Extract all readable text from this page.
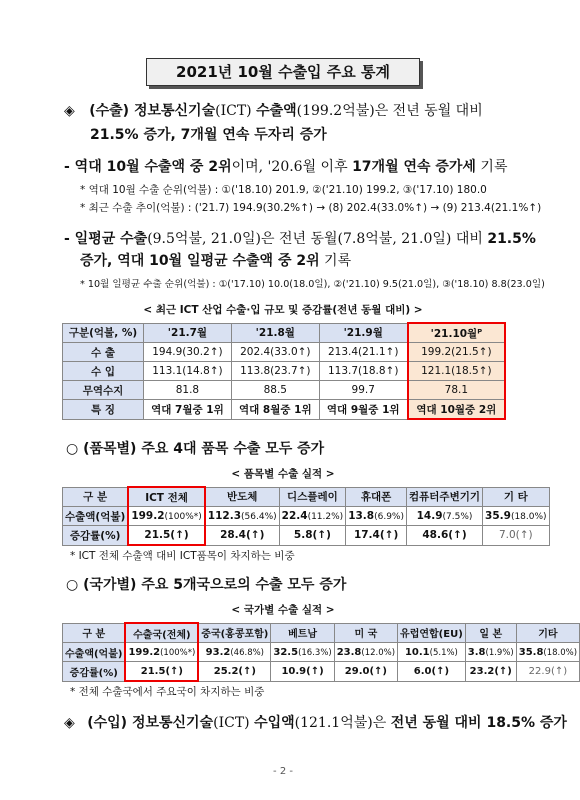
2021년 10월 수출입 주요 통계
◈ (수출) 정보통신기술(ICT) 수출액(199.2억불)은 전년 동월 대비
21.5% 증가, 7개월 연속 두자리 증가
- 역대 10월 수출액 중 2위이며, '20.6월 이후 17개월 연속 증가세 기록
* 역대 10월 수출 순위(억불) : ①('18.10) 201.9, ②('21.10) 199.2, ③('17.10) 180.0
* 최근 수출 추이(억불) : ('21.7) 194.9(30.2%↑) → (8) 202.4(33.0%↑) → (9) 213.4(21.1%↑)
- 일평균 수출(9.5억불, 21.0일)은 전년 동월(7.8억불, 21.0일) 대비 21.5%
증가, 역대 10월 일평균 수출액 중 2위 기록
* 10월 일평균 수출 순위(억불) : ①('17.10) 10.0(18.0일), ②('21.10) 9.5(21.0일), ③('18.10) 8.8(23.0일)
< 최근 ICT 산업 수출·입 규모 및 증감률(전년 동월 대비) >
구분(억불, %)	'21.7월	'21.8월	'21.9월	'21.10월ᴾ
수 출	194.9(30.2↑)	202.4(33.0↑)	213.4(21.1↑)	199.2(21.5↑)
수 입	113.1(14.8↑)	113.8(23.7↑)	113.7(18.8↑)	121.1(18.5↑)
무역수지	81.8	88.5	99.7	78.1
특 징	역대 7월중 1위	역대 8월중 1위	역대 9월중 1위	역대 10월중 2위
○ (품목별) 주요 4대 품목 수출 모두 증가
< 품목별 수출 실적 >
구 분	ICT 전체	반도체	디스플레이	휴대폰	컴퓨터주변기기	기 타
수출액(억불)	199.2(100%*)	112.3(56.4%)	22.4(11.2%)	13.8(6.9%)	14.9(7.5%)	35.9(18.0%)
증감률(%)	21.5(↑)	28.4(↑)	5.8(↑)	17.4(↑)	48.6(↑)	7.0(↑)
* ICT 전체 수출액 대비 ICT품목이 차지하는 비중
○ (국가별) 주요 5개국으로의 수출 모두 증가
< 국가별 수출 실적 >
구 분	수출국(전체)	중국(홍콩포함)	베트남	미 국	유럽연합(EU)	일 본	기타
수출액(억불)	199.2(100%*)	93.2(46.8%)	32.5(16.3%)	23.8(12.0%)	10.1(5.1%)	3.8(1.9%)	35.8(18.0%)
증감률(%)	21.5(↑)	25.2(↑)	10.9(↑)	29.0(↑)	6.0(↑)	23.2(↑)	22.9(↑)
* 전체 수출국에서 주요국이 차지하는 비중
◈ (수입) 정보통신기술(ICT) 수입액(121.1억불)은 전년 동월 대비 18.5% 증가
- 2 -
